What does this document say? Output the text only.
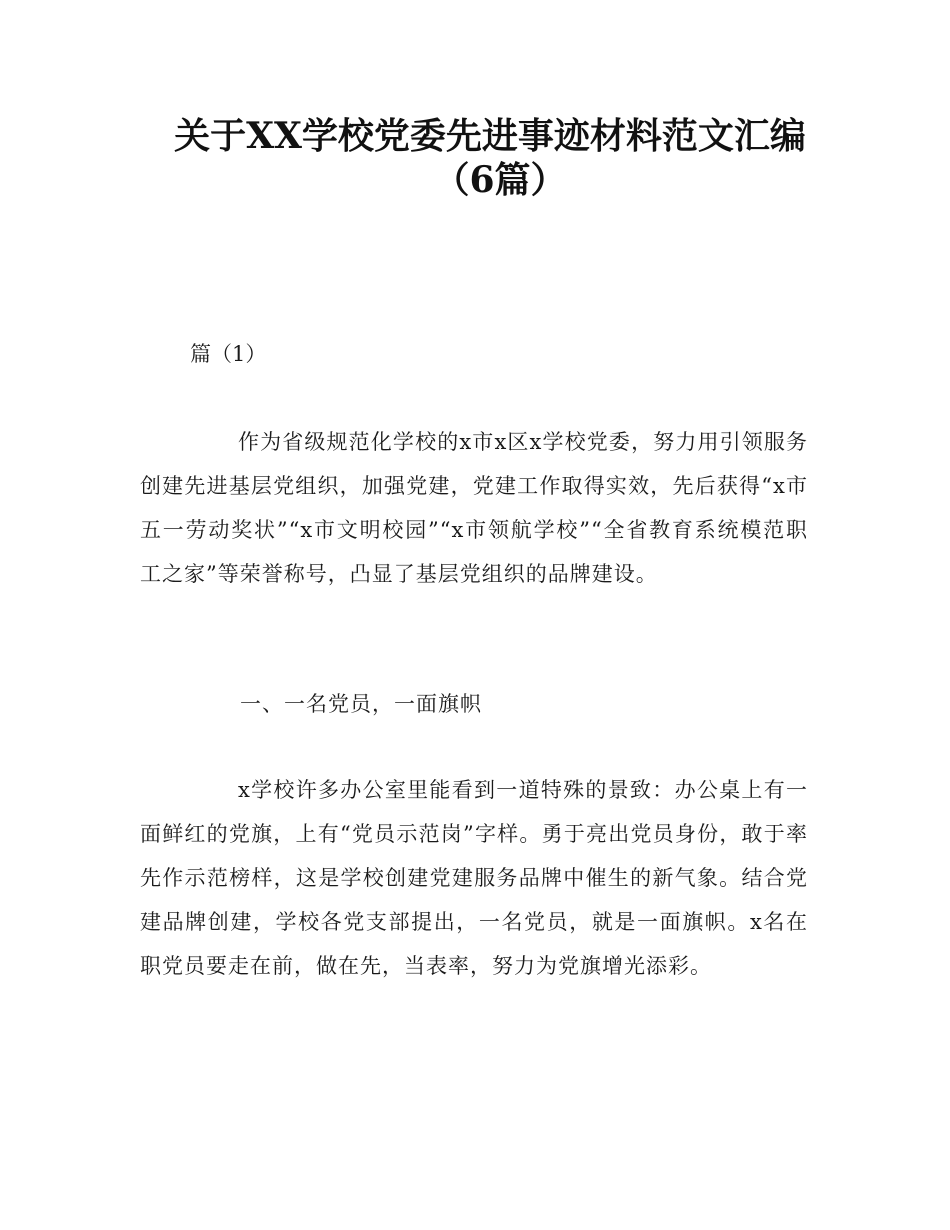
关于XX学校党委先进事迹材料范文汇编
（6篇）
篇（1）

作为省级规范化学校的x市x区x学校党委，努力用引领服务创建先进基层党组织，加强党建，党建工作取得实效，先后获得“x市五一劳动奖状”“x市文明校园”“x市领航学校”“全省教育系统模范职工之家”等荣誉称号，凸显了基层党组织的品牌建设。

一、一名党员，一面旗帜

x学校许多办公室里能看到一道特殊的景致：办公桌上有一面鲜红的党旗，上有“党员示范岗”字样。勇于亮出党员身份，敢于率先作示范榜样，这是学校创建党建服务品牌中催生的新气象。结合党建品牌创建，学校各党支部提出，一名党员，就是一面旗帜。x名在职党员要走在前，做在先，当表率，努力为党旗增光添彩。
